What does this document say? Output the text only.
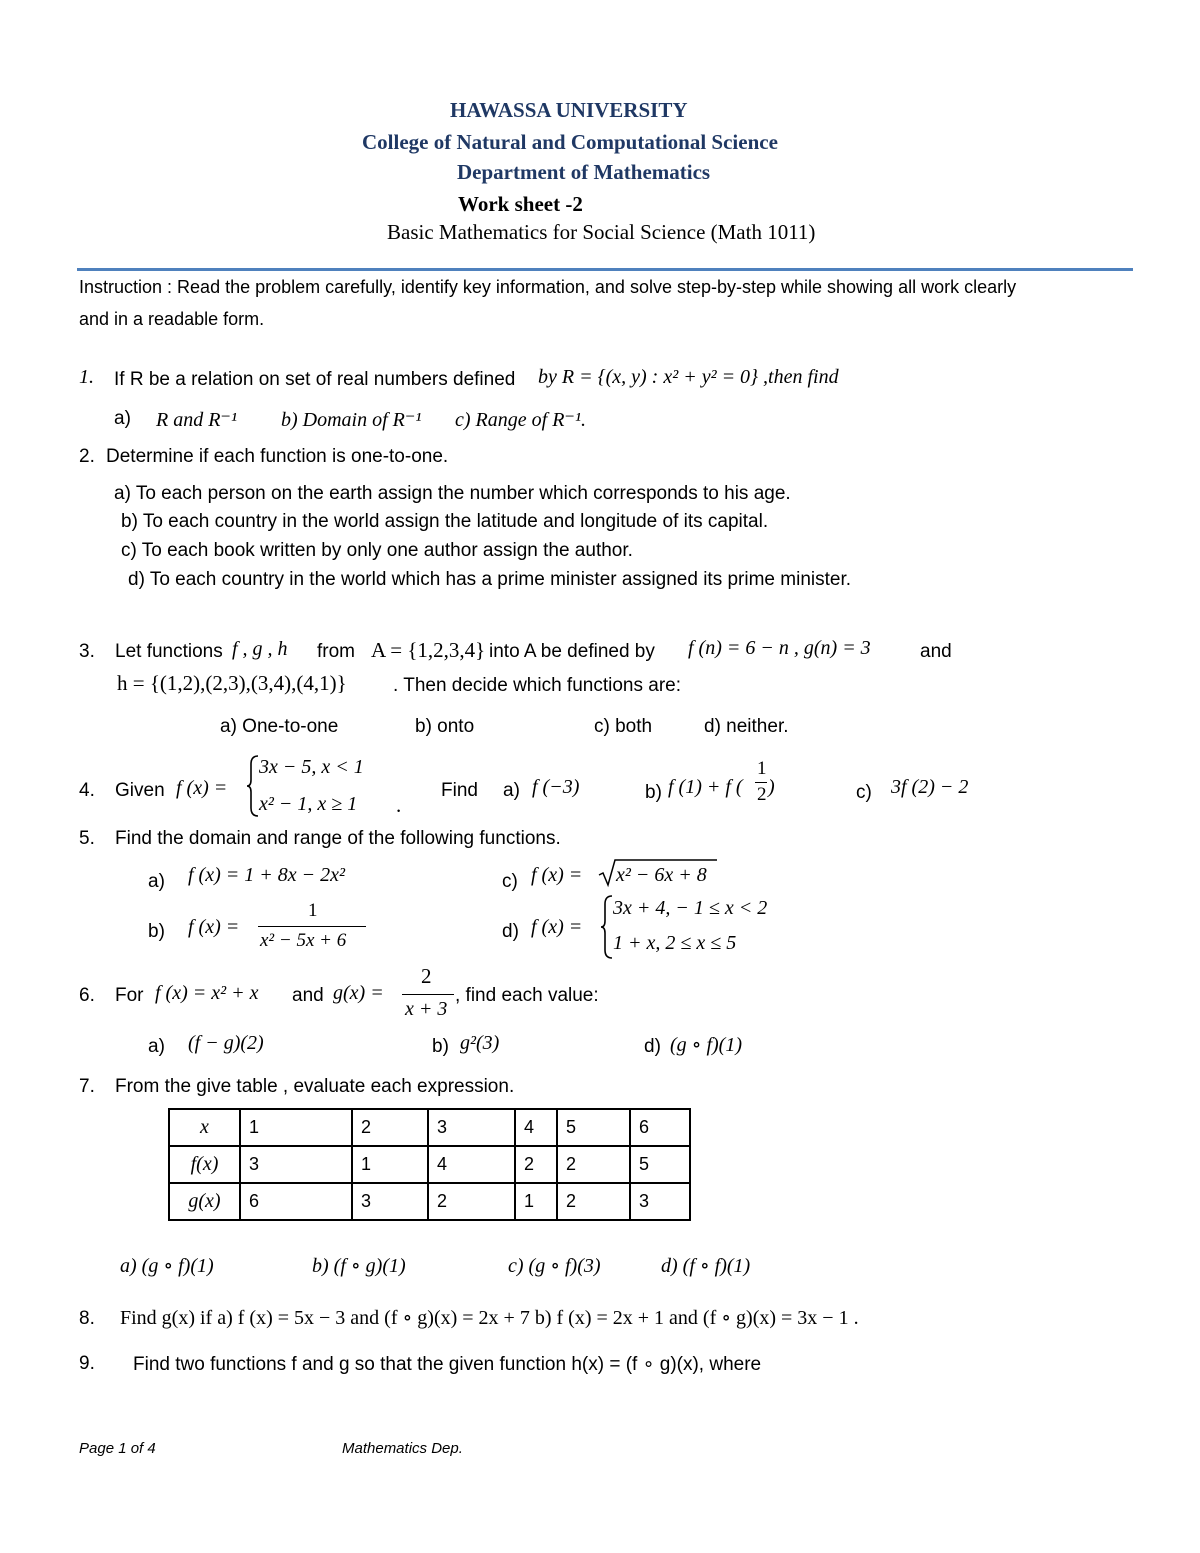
HAWASSA UNIVERSITY
College of Natural and Computational Science
Department of Mathematics
Work sheet -2
Basic Mathematics for Social Science (Math 1011)
Instruction : Read the problem carefully, identify key information, and solve step-by-step while showing all work clearly
and in a readable form.
1. If R be a relation on set of real numbers defined by R = {(x, y) : x² + y² = 0} ,then find
a) R and R⁻¹ b) Domain of R⁻¹ c) Range of R⁻¹.
2. Determine if each function is one-to-one.
a) To each person on the earth assign the number which corresponds to his age.
b) To each country in the world assign the latitude and longitude of its capital.
c) To each book written by only one author assign the author.
d) To each country in the world which has a prime minister assigned its prime minister.
3. Let functions f , g , h from A = {1,2,3,4} into A be defined by f (n) = 6 − n , g(n) = 3	and
h = {(1,2),(2,3),(3,4),(4,1)} . Then decide which functions are:
a) One-to-one	b) onto	c) both	d) neither.
4. Given f (x) =
3x − 5, x < 1
x² − 1, x ≥ 1 .
Find a) f (−3)	b) f (1) + f (
1
2 )	c) 3f (2) − 2
5. Find the domain and range of the following functions.
a) f (x) = 1 + 8x − 2x²
b) f (x) =
1
x² − 5x + 6
c) f (x) = x² − 6x + 8
d) f (x) =
3x + 4, − 1 ≤ x < 2
1 + x, 2 ≤ x ≤ 5
6. For f (x) = x² + x and g(x) =
2
x + 3
, find each value:
a) (f − g)(2)	b) g²(3)	d) (g ∘ f)(1)
7. From the give table , evaluate each expression.
x	1	2	3	4	5	6
f(x)	3	1	4	2	2	5
g(x)	6	3	2	1	2	3
a) (g ∘ f)(1)	b) (f ∘ g)(1)	c) (g ∘ f)(3)	d) (f ∘ f)(1)
8. Find g(x) if a) f (x) = 5x − 3 and (f ∘ g)(x) = 2x + 7 b) f (x) = 2x + 1 and (f ∘ g)(x) = 3x − 1 .
9. Find two functions f and g so that the given function h(x) = (f ∘ g)(x), where
Page 1 of 4	Mathematics Dep.
